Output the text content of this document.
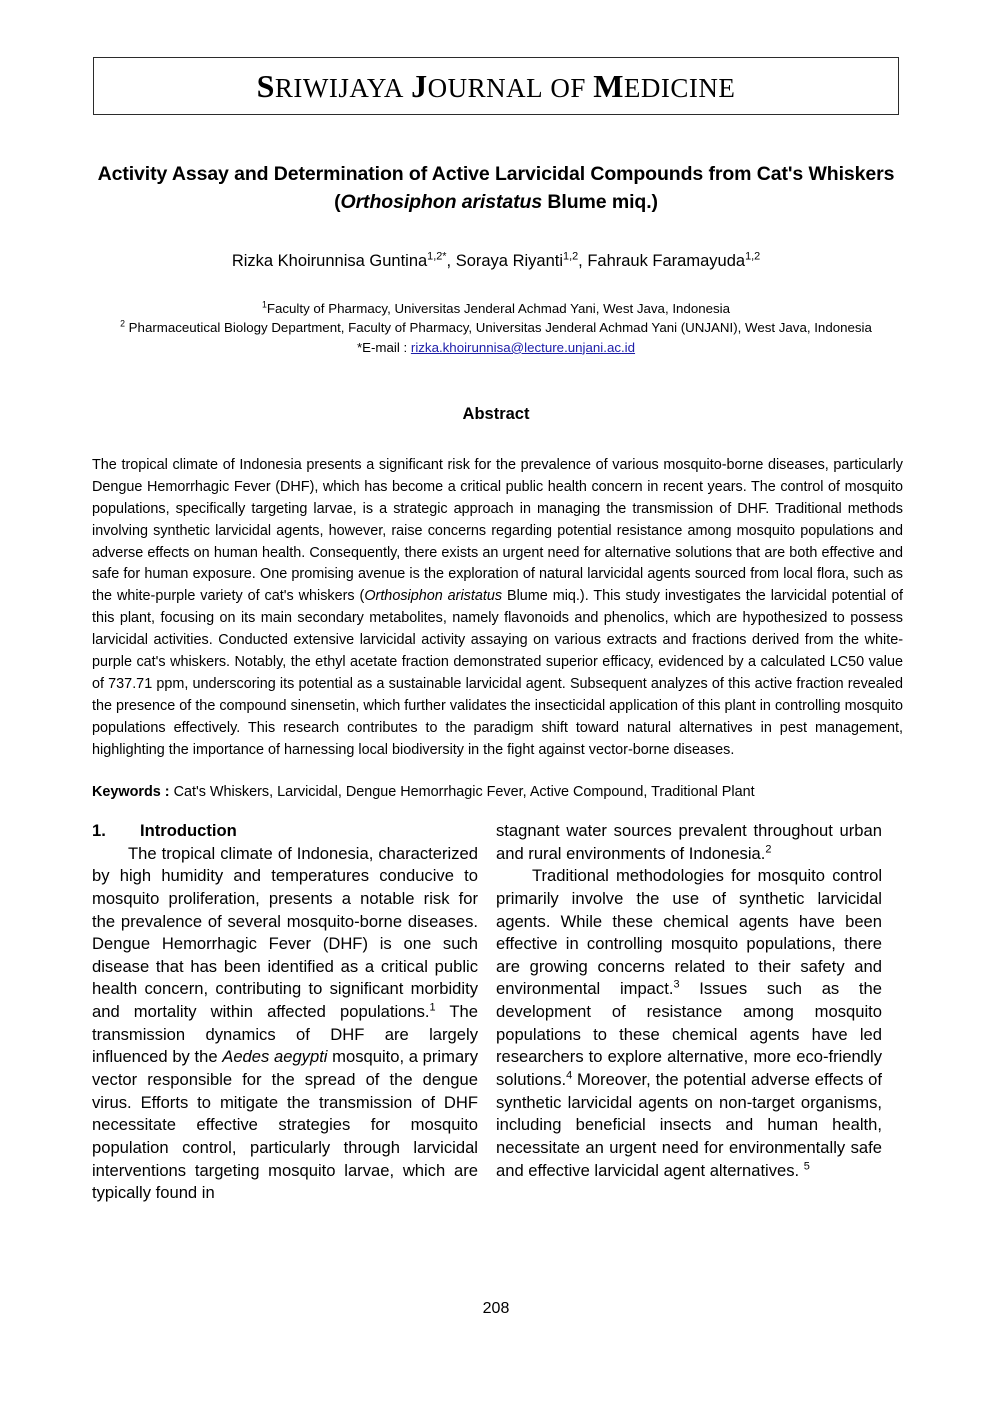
SRIWIJAYA JOURNAL OF MEDICINE
Activity Assay and Determination of Active Larvicidal Compounds from Cat's Whiskers (Orthosiphon aristatus Blume miq.)
Rizka Khoirunnisa Guntina$^{1,2*}$, Soraya Riyanti$^{1,2}$, Fahrauk Faramayuda$^{1,2}$
$^1$Faculty of Pharmacy, Universitas Jenderal Achmad Yani, West Java, Indonesia
$^2$ Pharmaceutical Biology Department, Faculty of Pharmacy, Universitas Jenderal Achmad Yani (UNJANI), West Java, Indonesia
*E-mail : rizka.khoirunnisa@lecture.unjani.ac.id
Abstract
The tropical climate of Indonesia presents a significant risk for the prevalence of various mosquito-borne diseases, particularly Dengue Hemorrhagic Fever (DHF), which has become a critical public health concern in recent years. The control of mosquito populations, specifically targeting larvae, is a strategic approach in managing the transmission of DHF. Traditional methods involving synthetic larvicidal agents, however, raise concerns regarding potential resistance among mosquito populations and adverse effects on human health. Consequently, there exists an urgent need for alternative solutions that are both effective and safe for human exposure. One promising avenue is the exploration of natural larvicidal agents sourced from local flora, such as the white-purple variety of cat's whiskers (Orthosiphon aristatus Blume miq.). This study investigates the larvicidal potential of this plant, focusing on its main secondary metabolites, namely flavonoids and phenolics, which are hypothesized to possess larvicidal activities. Conducted extensive larvicidal activity assaying on various extracts and fractions derived from the white-purple cat's whiskers. Notably, the ethyl acetate fraction demonstrated superior efficacy, evidenced by a calculated LC50 value of 737.71 ppm, underscoring its potential as a sustainable larvicidal agent. Subsequent analyzes of this active fraction revealed the presence of the compound sinensetin, which further validates the insecticidal application of this plant in controlling mosquito populations effectively. This research contributes to the paradigm shift toward natural alternatives in pest management, highlighting the importance of harnessing local biodiversity in the fight against vector-borne diseases.
Keywords : Cat's Whiskers, Larvicidal, Dengue Hemorrhagic Fever, Active Compound, Traditional Plant
1.	Introduction

The tropical climate of Indonesia, characterized by high humidity and temperatures conducive to mosquito proliferation, presents a notable risk for the prevalence of several mosquito-borne diseases. Dengue Hemorrhagic Fever (DHF) is one such disease that has been identified as a critical public health concern, contributing to significant morbidity and mortality within affected populations.$^1$ The transmission dynamics of DHF are largely influenced by the Aedes aegypti mosquito, a primary vector responsible for the spread of the dengue virus. Efforts to mitigate the transmission of DHF necessitate effective strategies for mosquito population control, particularly through larvicidal interventions targeting mosquito larvae, which are typically found in

stagnant water sources prevalent throughout urban and rural environments of Indonesia.$^2$

Traditional methodologies for mosquito control primarily involve the use of synthetic larvicidal agents. While these chemical agents have been effective in controlling mosquito populations, there are growing concerns related to their safety and environmental impact.$^3$ Issues such as the development of resistance among mosquito populations to these chemical agents have led researchers to explore alternative, more eco-friendly solutions.$^4$ Moreover, the potential adverse effects of synthetic larvicidal agents on non-target organisms, including beneficial insects and human health, necessitate an urgent need for environmentally safe and effective larvicidal agent alternatives. $^5$

208
